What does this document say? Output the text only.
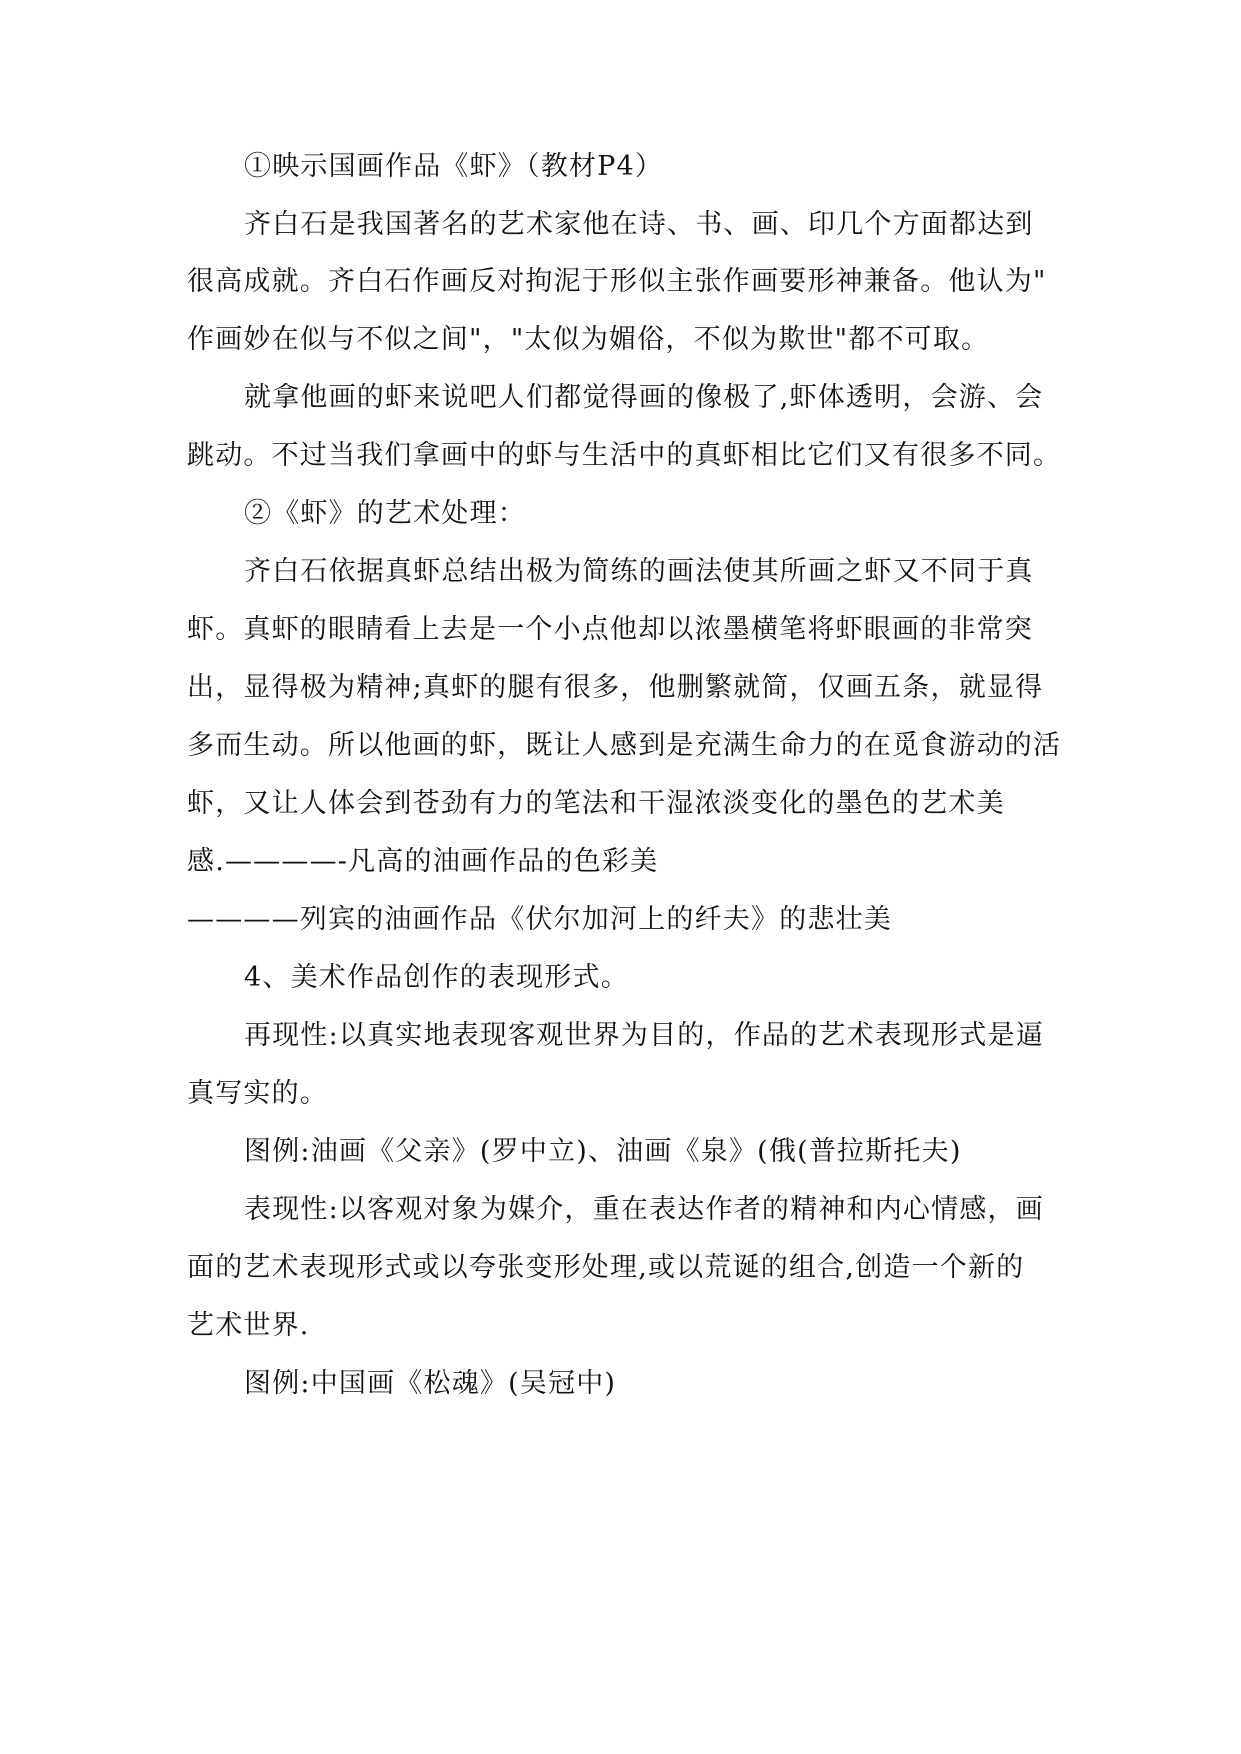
①映示国画作品《虾》（教材P4）
齐白石是我国著名的艺术家他在诗、书、画、印几个方面都达到
很高成就。齐白石作画反对拘泥于形似主张作画要形神兼备。他认为"
作画妙在似与不似之间"，"太似为媚俗，不似为欺世"都不可取。
就拿他画的虾来说吧人们都觉得画的像极了,虾体透明，会游、会
跳动。不过当我们拿画中的虾与生活中的真虾相比它们又有很多不同。
②《虾》的艺术处理：
齐白石依据真虾总结出极为简练的画法使其所画之虾又不同于真
虾。真虾的眼睛看上去是一个小点他却以浓墨横笔将虾眼画的非常突
出，显得极为精神;真虾的腿有很多，他删繁就简，仅画五条，就显得
多而生动。所以他画的虾，既让人感到是充满生命力的在觅食游动的活
虾，又让人体会到苍劲有力的笔法和干湿浓淡变化的墨色的艺术美
感.————-凡高的油画作品的色彩美
————列宾的油画作品《伏尔加河上的纤夫》的悲壮美
4、美术作品创作的表现形式。
再现性:以真实地表现客观世界为目的，作品的艺术表现形式是逼
真写实的。
图例:油画《父亲》(罗中立)、油画《泉》(俄(普拉斯托夫)
表现性:以客观对象为媒介，重在表达作者的精神和内心情感，画
面的艺术表现形式或以夸张变形处理,或以荒诞的组合,创造一个新的
艺术世界.
图例:中国画《松魂》(吴冠中)
